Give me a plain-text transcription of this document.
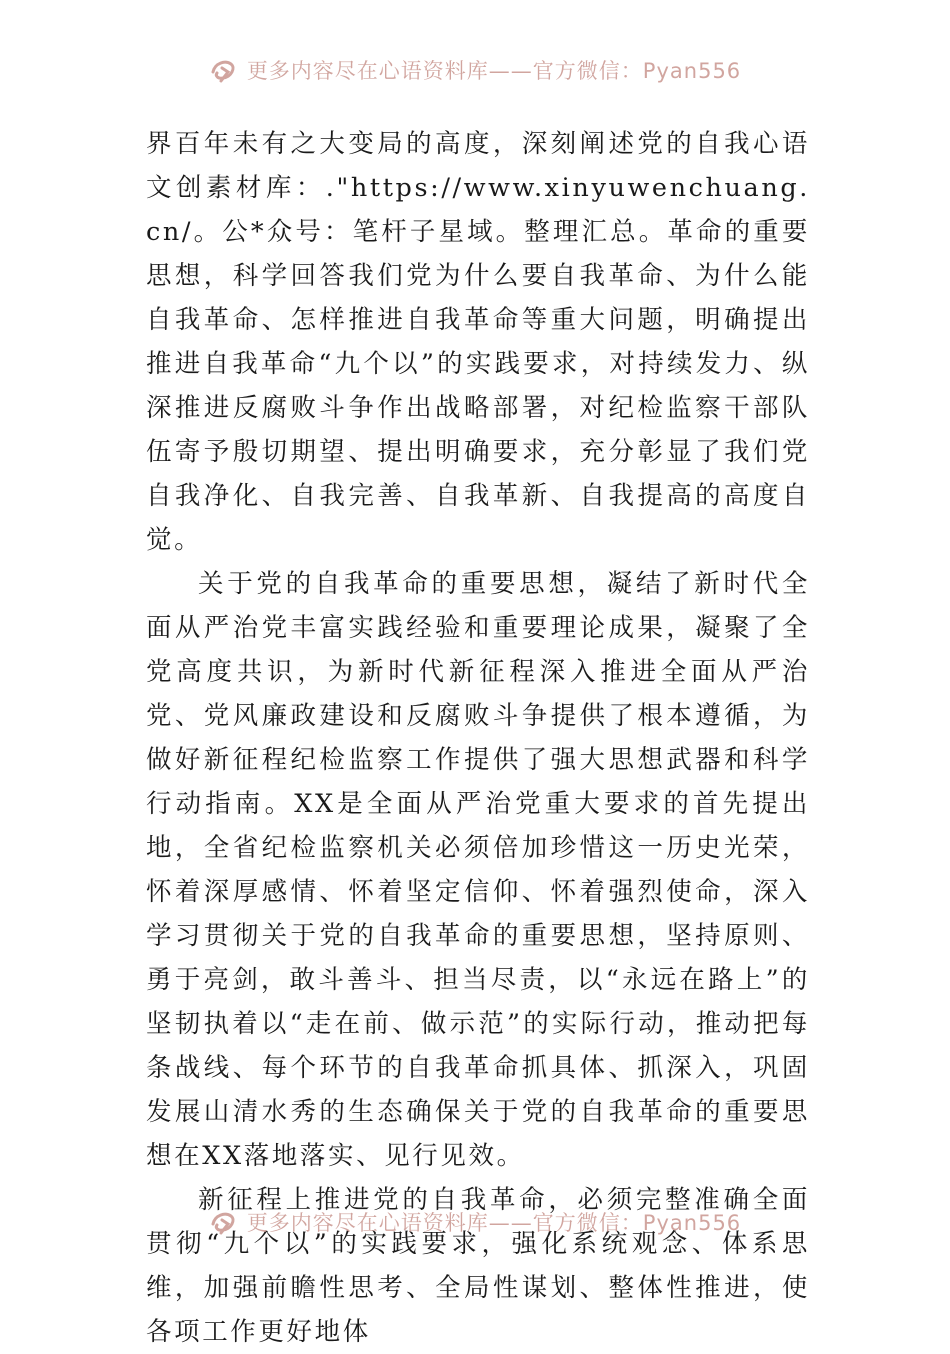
更多内容尽在心语资料库——官方微信：Pyan556

界百年未有之大变局的高度，深刻阐述党的自我心语文创素材库：."https://www.xinyuwenchuang.cn/。公*众号：笔杆子星域。整理汇总。革命的重要思想，科学回答我们党为什么要自我革命、为什么能自我革命、怎样推进自我革命等重大问题，明确提出推进自我革命“九个以”的实践要求，对持续发力、纵深推进反腐败斗争作出战略部署，对纪检监察干部队伍寄予殷切期望、提出明确要求，充分彰显了我们党自我净化、自我完善、自我革新、自我提高的高度自觉。

关于党的自我革命的重要思想，凝结了新时代全面从严治党丰富实践经验和重要理论成果，凝聚了全党高度共识，为新时代新征程深入推进全面从严治党、党风廉政建设和反腐败斗争提供了根本遵循，为做好新征程纪检监察工作提供了强大思想武器和科学行动指南。XX是全面从严治党重大要求的首先提出地，全省纪检监察机关必须倍加珍惜这一历史光荣，怀着深厚感情、怀着坚定信仰、怀着强烈使命，深入学习贯彻关于党的自我革命的重要思想，坚持原则、勇于亮剑，敢斗善斗、担当尽责，以“永远在路上”的坚韧执着以“走在前、做示范”的实际行动，推动把每条战线、每个环节的自我革命抓具体、抓深入，巩固发展山清水秀的生态确保关于党的自我革命的重要思想在XX落地落实、见行见效。

新征程上推进党的自我革命，必须完整准确全面贯彻“九个以”的实践要求，强化系统观念、体系思维，加强前瞻性思考、全局性谋划、整体性推进，使各项工作更好地体

更多内容尽在心语资料库——官方微信：Pyan556
